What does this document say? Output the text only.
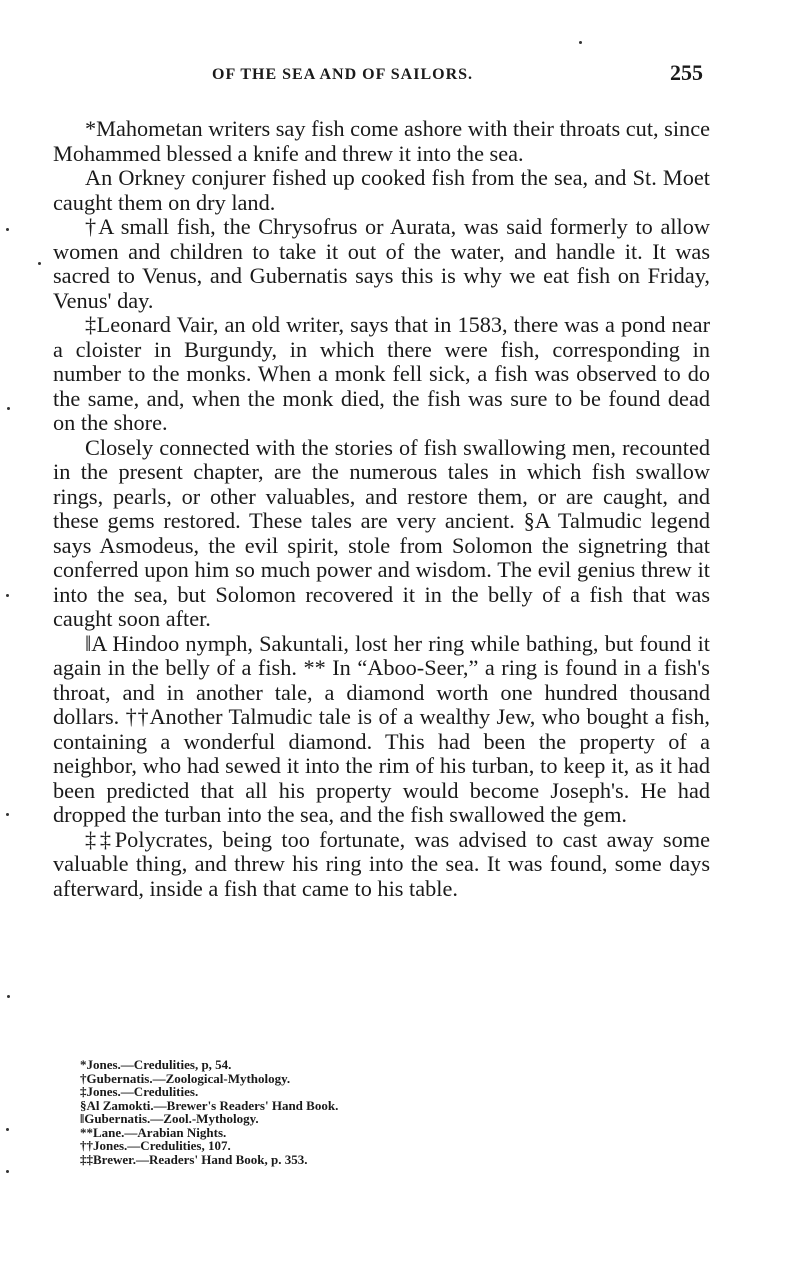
OF THE SEA AND OF SAILORS.	255

*Mahometan writers say fish come ashore with their throats cut, since Mohammed blessed a knife and threw it into the sea.

An Orkney conjurer fished up cooked fish from the sea, and St. Moet caught them on dry land.

†A small fish, the Chrysofrus or Aurata, was said formerly to allow women and children to take it out of the water, and handle it. It was sacred to Venus, and Gubernatis says this is why we eat fish on Friday, Venus' day.

‡Leonard Vair, an old writer, says that in 1583, there was a pond near a cloister in Burgundy, in which there were fish, corresponding in number to the monks. When a monk fell sick, a fish was observed to do the same, and, when the monk died, the fish was sure to be found dead on the shore.

Closely connected with the stories of fish swallowing men, recounted in the present chapter, are the numerous tales in which fish swallow rings, pearls, or other valuables, and restore them, or are caught, and these gems restored. These tales are very ancient. §A Talmudic legend says Asmodeus, the evil spirit, stole from Solomon the signetring that conferred upon him so much power and wisdom. The evil genius threw it into the sea, but Solomon recovered it in the belly of a fish that was caught soon after.

‖A Hindoo nymph, Sakuntali, lost her ring while bathing, but found it again in the belly of a fish. ** In “Aboo-Seer,” a ring is found in a fish's throat, and in another tale, a diamond worth one hundred thousand dollars. ††Another Talmudic tale is of a wealthy Jew, who bought a fish, containing a wonderful diamond. This had been the property of a neighbor, who had sewed it into the rim of his turban, to keep it, as it had been predicted that all his property would become Joseph's. He had dropped the turban into the sea, and the fish swallowed the gem.

‡‡Polycrates, being too fortunate, was advised to cast away some valuable thing, and threw his ring into the sea. It was found, some days afterward, inside a fish that came to his table.

*Jones.—Credulities, p, 54.
†Gubernatis.—Zoological-Mythology.
‡Jones.—Credulities.
§Al Zamokti.—Brewer's Readers' Hand Book.
‖Gubernatis.—Zool.-Mythology.
**Lane.—Arabian Nights.
††Jones.—Credulities, 107.
‡‡Brewer.—Readers' Hand Book, p. 353.
